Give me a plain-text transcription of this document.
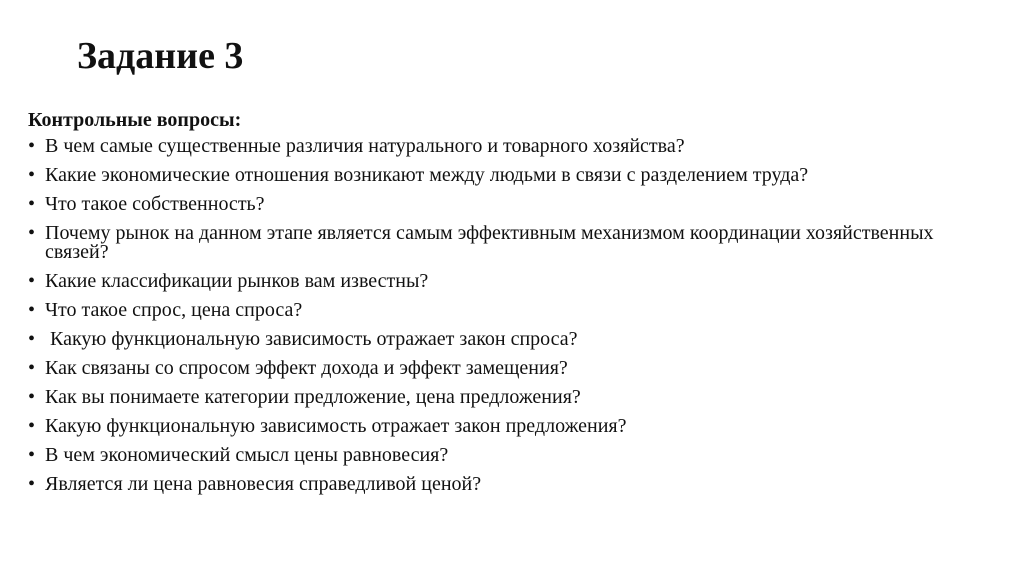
Задание 3
Контрольные вопросы:
• В чем самые существенные различия натурального и товарного хозяйства?
• Какие экономические отношения возникают между людьми в связи с разделением труда?
• Что такое собственность?
• Почему рынок на данном этапе является самым эффективным механизмом координации хозяйственных связей?
• Какие классификации рынков вам известны?
• Что такое спрос, цена спроса?
• Какую функциональную зависимость отражает закон спроса?
• Как связаны со спросом эффект дохода и эффект замещения?
• Как вы понимаете категории предложение, цена предложения?
• Какую функциональную зависимость отражает закон предложения?
• В чем экономический смысл цены равновесия?
• Является ли цена равновесия справедливой ценой?
